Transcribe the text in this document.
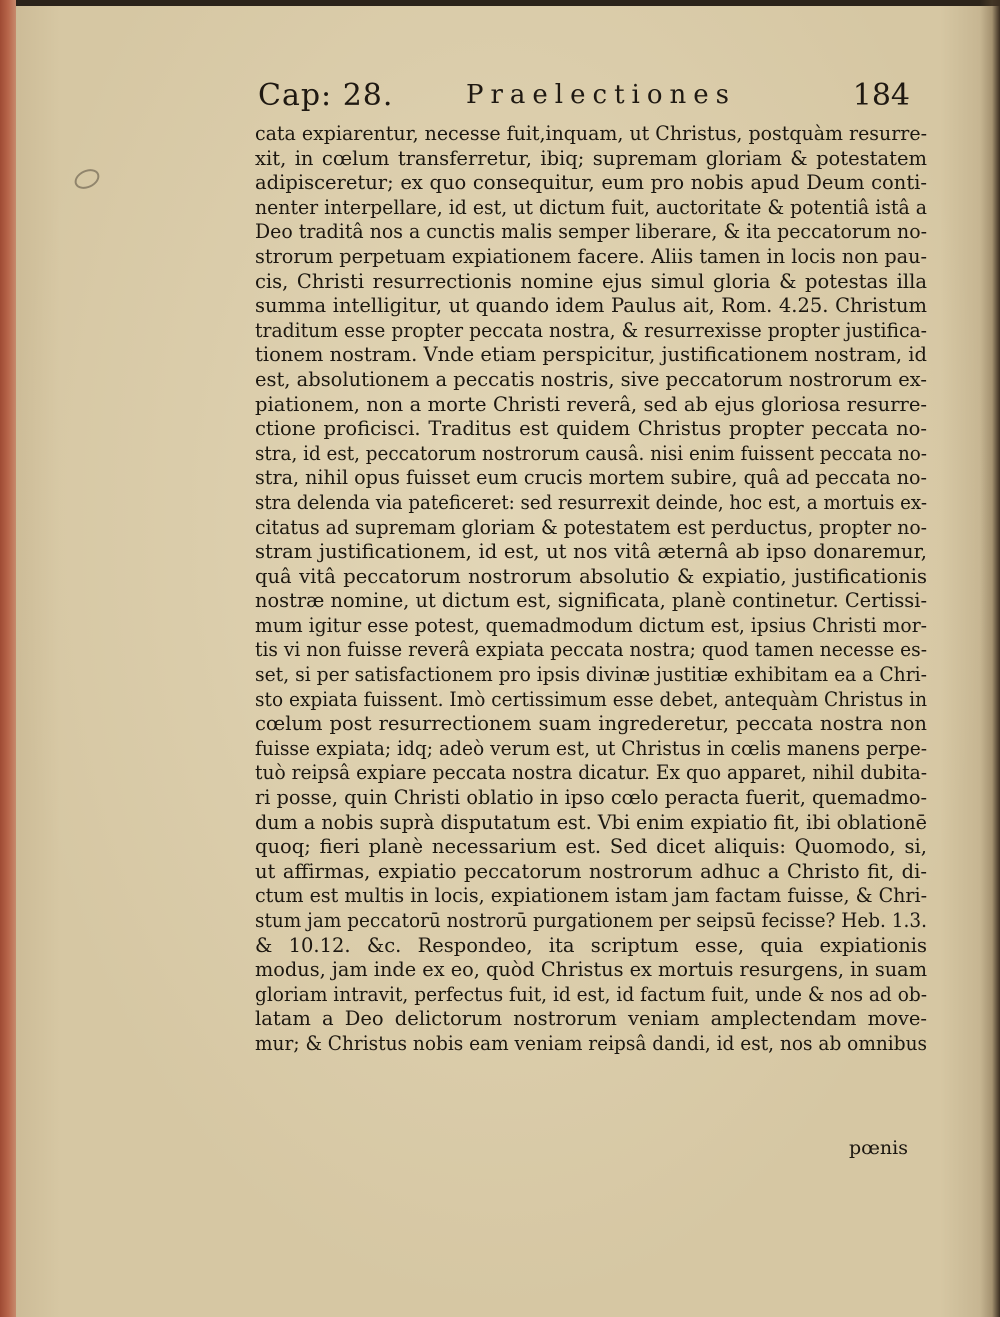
Cap: 28.	Praelectiones	184
cata expiarentur, necesse fuit,inquam, ut Christus, postquàm resurre-
xit, in cœlum transferretur, ibiq; supremam gloriam & potestatem
adipisceretur; ex quo consequitur, eum pro nobis apud Deum conti-
nenter interpellare, id est, ut dictum fuit, auctoritate & potentiâ istâ a
Deo traditâ nos a cunctis malis semper liberare, & ita peccatorum no-
strorum perpetuam expiationem facere. Aliis tamen in locis non pau-
cis, Christi resurrectionis nomine ejus simul gloria & potestas illa
summa intelligitur, ut quando idem Paulus ait, Rom. 4.25. Christum
traditum esse propter peccata nostra, & resurrexisse propter justifica-
tionem nostram. Vnde etiam perspicitur, justificationem nostram, id
est, absolutionem a peccatis nostris, sive peccatorum nostrorum ex-
piationem, non a morte Christi reverâ, sed ab ejus gloriosa resurre-
ctione proficisci. Traditus est quidem Christus propter peccata no-
stra, id est, peccatorum nostrorum causâ. nisi enim fuissent peccata no-
stra, nihil opus fuisset eum crucis mortem subire, quâ ad peccata no-
stra delenda via pateficeret: sed resurrexit deinde, hoc est, a mortuis ex-
citatus ad supremam gloriam & potestatem est perductus, propter no-
stram justificationem, id est, ut nos vitâ æternâ ab ipso donaremur,
quâ vitâ peccatorum nostrorum absolutio & expiatio, justificationis
nostræ nomine, ut dictum est, significata, planè continetur. Certissi-
mum igitur esse potest, quemadmodum dictum est, ipsius Christi mor-
tis vi non fuisse reverâ expiata peccata nostra; quod tamen necesse es-
set, si per satisfactionem pro ipsis divinæ justitiæ exhibitam ea a Chri-
sto expiata fuissent. Imò certissimum esse debet, antequàm Christus in
cœlum post resurrectionem suam ingrederetur, peccata nostra non
fuisse expiata; idq; adeò verum est, ut Christus in cœlis manens perpe-
tuò reipsâ expiare peccata nostra dicatur. Ex quo apparet, nihil dubita-
ri posse, quin Christi oblatio in ipso cœlo peracta fuerit, quemadmo-
dum a nobis suprà disputatum est. Vbi enim expiatio fit, ibi oblationē
quoq; fieri planè necessarium est. Sed dicet aliquis: Quomodo, si,
ut affirmas, expiatio peccatorum nostrorum adhuc a Christo fit, di-
ctum est multis in locis, expiationem istam jam factam fuisse, & Chri-
stum jam peccatorū nostrorū purgationem per seipsū fecisse? Heb. 1.3.
& 10.12. &c. Respondeo, ita scriptum esse, quia expiationis
modus, jam inde ex eo, quòd Christus ex mortuis resurgens, in suam
gloriam intravit, perfectus fuit, id est, id factum fuit, unde & nos ad ob-
latam a Deo delictorum nostrorum veniam amplectendam move-
mur; & Christus nobis eam veniam reipsâ dandi, id est, nos ab omnibus
pœnis
